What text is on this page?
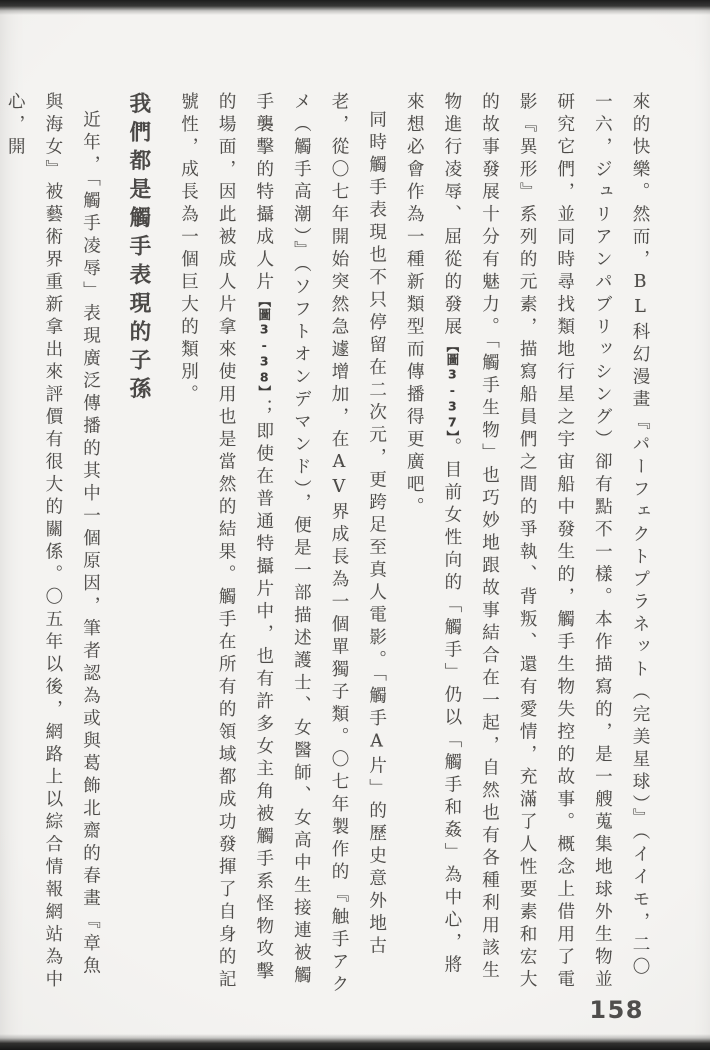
來的快樂。然而，BL科幻漫畫『パーフェクトプラネット（完美星球）』（イイモ，二〇一六，ジュリアンパブリッシング）卻有點不一樣。本作描寫的，是一艘蒐集地球外生物並研究它們，並同時尋找類地行星之宇宙船中發生的，觸手生物失控的故事。概念上借用了電影『異形』系列的元素，描寫船員們之間的爭執、背叛、還有愛情，充滿了人性要素和宏大的故事發展十分有魅力。「觸手生物」也巧妙地跟故事結合在一起，自然也有各種利用該生物進行凌辱、屈從的發展【圖3-37】。目前女性向的「觸手」仍以「觸手和姦」為中心，將來想必會作為一種新類型而傳播得更廣吧。

同時觸手表現也不只停留在二次元，更跨足至真人電影。「觸手A片」的歷史意外地古老，從〇七年開始突然急遽增加，在AV界成長為一個單獨子類。〇七年製作的『触手アクメ（觸手高潮）』（ソフトオンデマンド），便是一部描述護士、女醫師、女高中生接連被觸手襲擊的特攝成人片【圖3-38】；即使在普通特攝片中，也有許多女主角被觸手系怪物攻擊的場面，因此被成人片拿來使用也是當然的結果。觸手在所有的領域都成功發揮了自身的記號性，成長為一個巨大的類別。

我們都是觸手表現的子孫

近年，「觸手凌辱」表現廣泛傳播的其中一個原因，筆者認為或與葛飾北齋的春畫『章魚與海女』被藝術界重新拿出來評價有很大的關係。〇五年以後，網路上以綜合情報網站為中心，開

158
